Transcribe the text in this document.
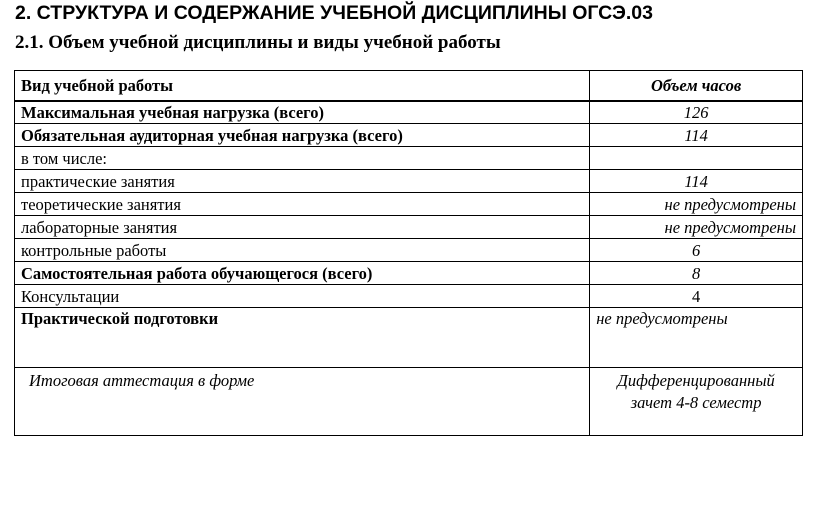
2. СТРУКТУРА И СОДЕРЖАНИЕ УЧЕБНОЙ ДИСЦИПЛИНЫ ОГСЭ.03
2.1. Объем учебной дисциплины и виды учебной работы
Вид учебной работы	Объем часов
Максимальная учебная нагрузка (всего)	126
Обязательная аудиторная учебная нагрузка (всего)	114
в том числе:	
практические занятия	114
теоретические занятия	не предусмотрены
лабораторные занятия	не предусмотрены
контрольные работы	6
Самостоятельная работа обучающегося (всего)	8
Консультации	4
Практической подготовки	не предусмотрены
Итоговая аттестация в форме	Дифференцированный зачет 4-8 семестр
